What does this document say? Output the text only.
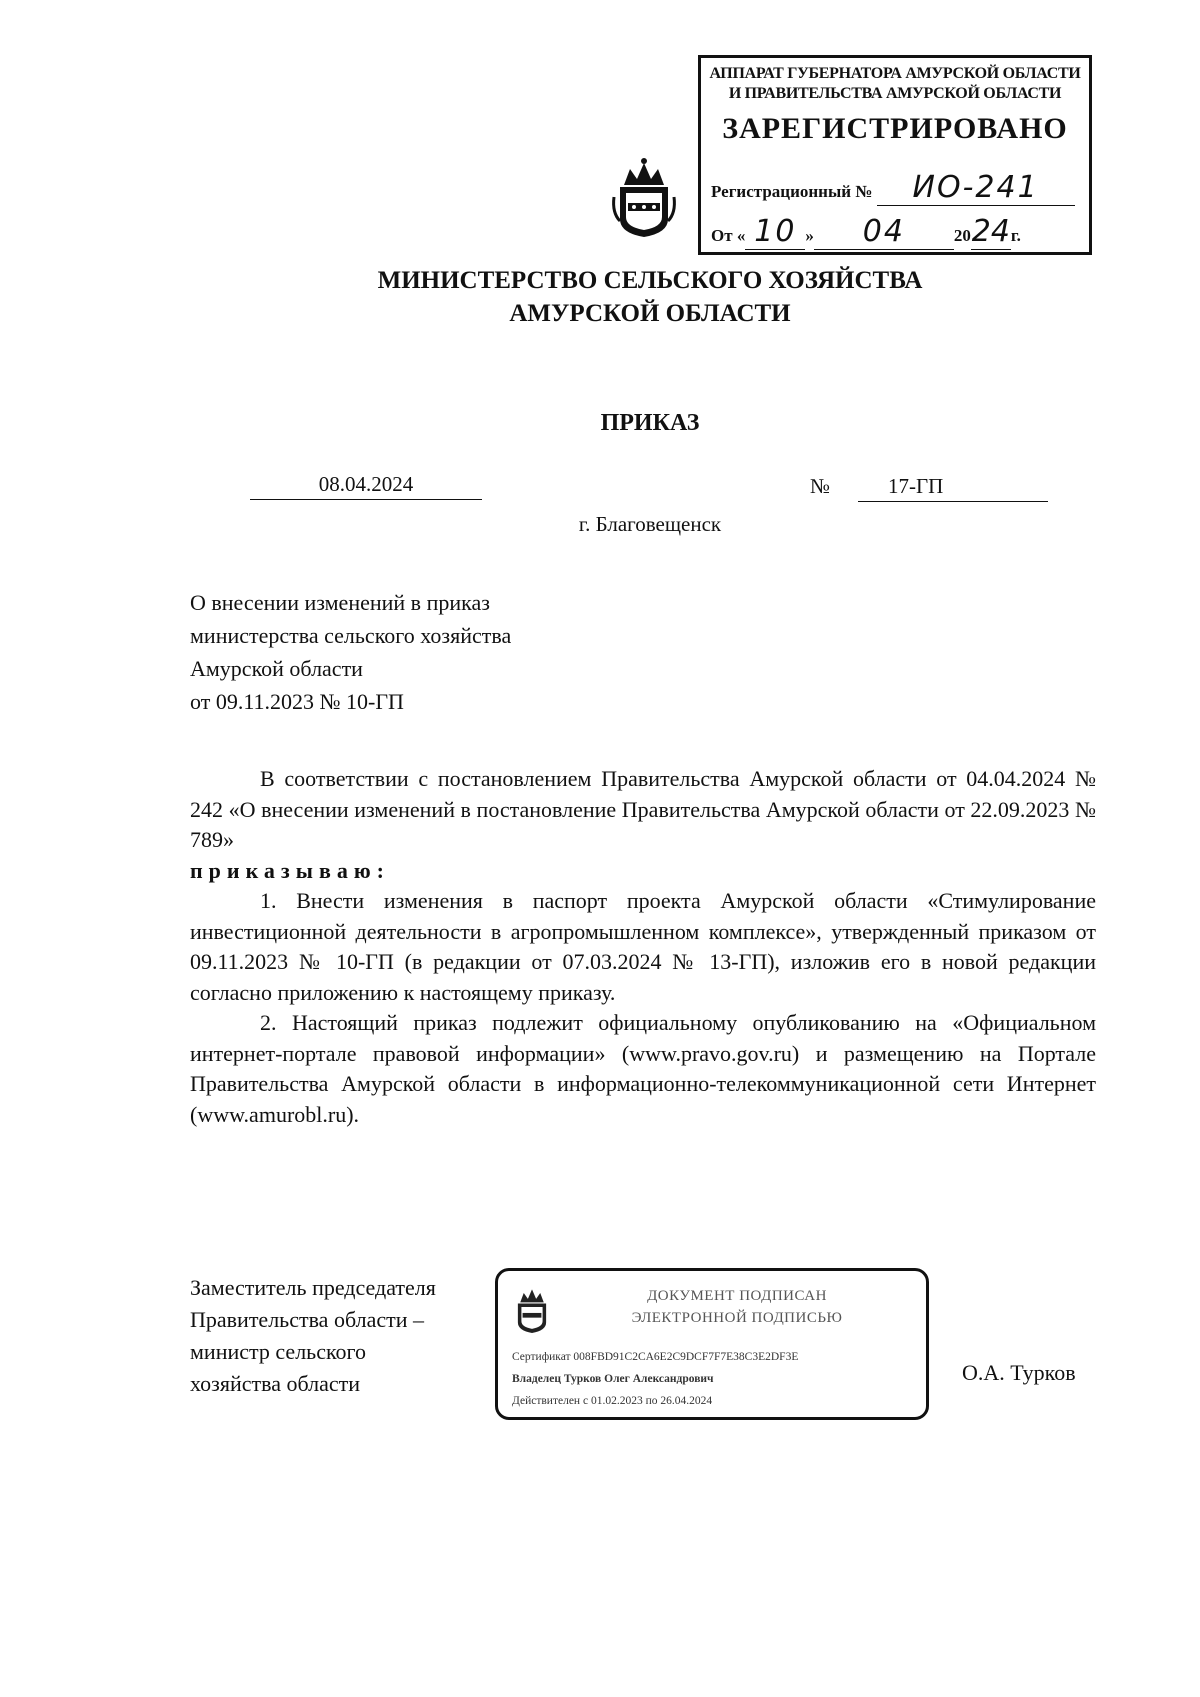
АППАРАТ ГУБЕРНАТОРА АМУРСКОЙ ОБЛАСТИ
И ПРАВИТЕЛЬСТВА АМУРСКОЙ ОБЛАСТИ
ЗАРЕГИСТРИРОВАНО
Регистрационный № ИО-241
От « 10 » 04	2024г.
МИНИСТЕРСТВО СЕЛЬСКОГО ХОЗЯЙСТВА
АМУРСКОЙ ОБЛАСТИ
ПРИКАЗ
08.04.2024	№	17-ГП
г. Благовещенск
О внесении изменений в приказ
министерства сельского хозяйства
Амурской области
от 09.11.2023 № 10-ГП

В соответствии с постановлением Правительства Амурской области от 04.04.2024 № 242 «О внесении изменений в постановление Правительства Амурской области от 22.09.2023 № 789»

приказываю:

1. Внести изменения в паспорт проекта Амурской области «Стимулирование инвестиционной деятельности в агропромышленном комплексе», утвержденный приказом от 09.11.2023 № 10-ГП (в редакции от 07.03.2024 № 13-ГП), изложив его в новой редакции согласно приложению к настоящему приказу.

2. Настоящий приказ подлежит официальному опубликованию на «Официальном интернет-портале правовой информации» (www.pravo.gov.ru) и размещению на Портале Правительства Амурской области в информационно-телекоммуникационной сети Интернет (www.amurobl.ru).

Заместитель председателя
Правительства области –
министр сельского
хозяйства области
ДОКУМЕНТ ПОДПИСАН
ЭЛЕКТРОННОЙ ПОДПИСЬЮ
Сертификат 008FBD91C2CA6E2C9DCF7F7E38C3E2DF3E
Владелец Турков Олег Александрович
Действителен с 01.02.2023 по 26.04.2024
О.А. Турков
